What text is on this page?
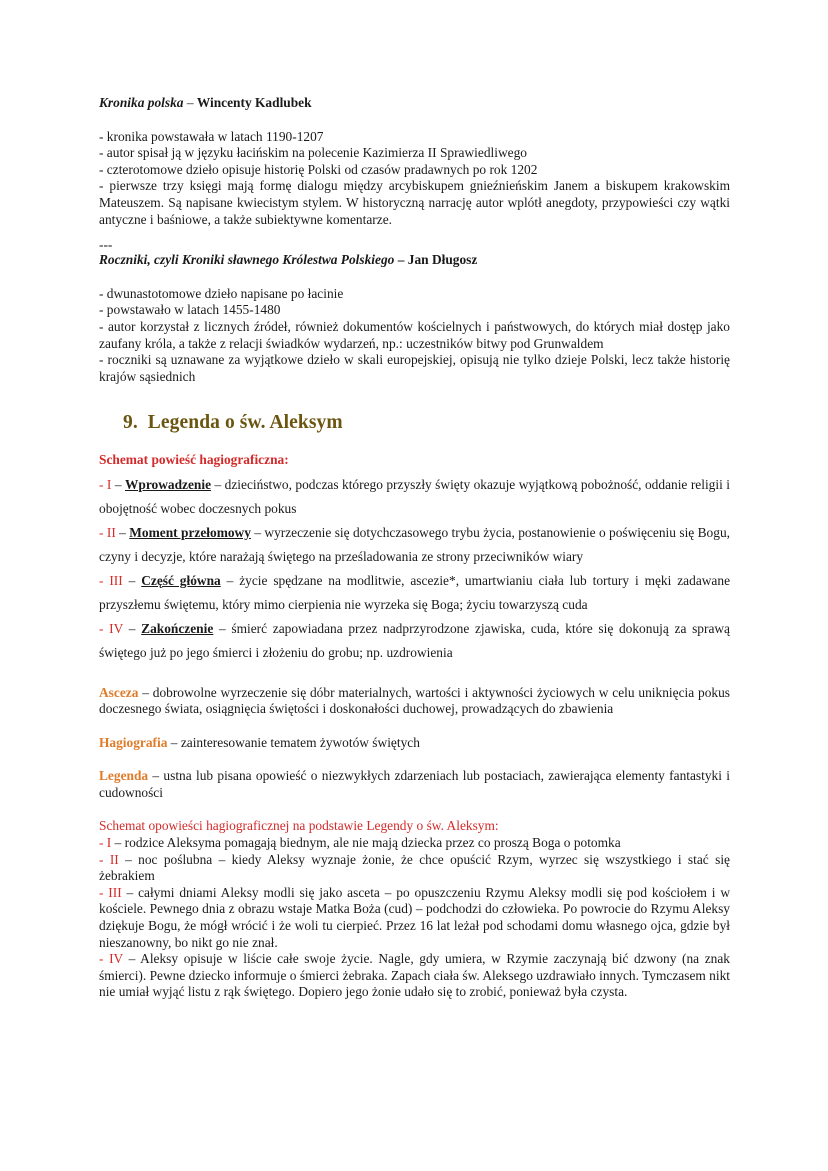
Kronika polska – Wincenty Kadlubek

- kronika powstawała w latach 1190-1207

- autor spisał ją w języku łacińskim na polecenie Kazimierza II Sprawiedliwego

- czterotomowe dzieło opisuje historię Polski od czasów pradawnych po rok 1202

- pierwsze trzy księgi mają formę dialogu między arcybiskupem gnieźnieńskim Janem a biskupem krakowskim Mateuszem. Są napisane kwiecistym stylem. W historyczną narrację autor wplótł anegdoty, przypowieści czy wątki antyczne i baśniowe, a także subiektywne komentarze.

---

Roczniki, czyli Kroniki sławnego Królestwa Polskiego – Jan Długosz

- dwunastotomowe dzieło napisane po łacinie

- powstawało w latach 1455-1480

- autor korzystał z licznych źródeł, również dokumentów kościelnych i państwowych, do których miał dostęp jako zaufany króla, a także z relacji świadków wydarzeń, np.: uczestników bitwy pod Grunwaldem

- roczniki są uznawane za wyjątkowe dzieło w skali europejskiej, opisują nie tylko dzieje Polski, lecz także historię krajów sąsiednich

9. Legenda o św. Aleksym

Schemat powieść hagiograficzna:

- I – Wprowadzenie – dzieciństwo, podczas którego przyszły święty okazuje wyjątkową pobożność, oddanie religii i obojętność wobec doczesnych pokus
- II – Moment przełomowy – wyrzeczenie się dotychczasowego trybu życia, postanowienie o poświęceniu się Bogu, czyny i decyzje, które narażają świętego na prześladowania ze strony przeciwników wiary
- III – Część główna – życie spędzane na modlitwie, ascezie*, umartwianiu ciała lub tortury i męki zadawane przyszłemu świętemu, który mimo cierpienia nie wyrzeka się Boga; życiu towarzyszą cuda
- IV – Zakończenie – śmierć zapowiadana przez nadprzyrodzone zjawiska, cuda, które się dokonują za sprawą świętego już po jego śmierci i złożeniu do grobu; np. uzdrowienia

Asceza – dobrowolne wyrzeczenie się dóbr materialnych, wartości i aktywności życiowych w celu uniknięcia pokus doczesnego świata, osiągnięcia świętości i doskonałości duchowej, prowadzących do zbawienia

Hagiografia – zainteresowanie tematem żywotów świętych

Legenda – ustna lub pisana opowieść o niezwykłych zdarzeniach lub postaciach, zawierająca elementy fantastyki i cudowności

Schemat opowieści hagiograficznej na podstawie Legendy o św. Aleksym:

- I – rodzice Aleksyma pomagają biednym, ale nie mają dziecka przez co proszą Boga o potomka

- II – noc poślubna – kiedy Aleksy wyznaje żonie, że chce opuścić Rzym, wyrzec się wszystkiego i stać się żebrakiem

- III – całymi dniami Aleksy modli się jako asceta – po opuszczeniu Rzymu Aleksy modli się pod kościołem i w kościele. Pewnego dnia z obrazu wstaje Matka Boża (cud) – podchodzi do człowieka. Po powrocie do Rzymu Aleksy dziękuje Bogu, że mógł wrócić i że woli tu cierpieć. Przez 16 lat leżał pod schodami domu własnego ojca, gdzie był nieszanowny, bo nikt go nie znał.

- IV – Aleksy opisuje w liście całe swoje życie. Nagle, gdy umiera, w Rzymie zaczynają bić dzwony (na znak śmierci). Pewne dziecko informuje o śmierci żebraka. Zapach ciała św. Aleksego uzdrawiało innych. Tymczasem nikt nie umiał wyjąć listu z rąk świętego. Dopiero jego żonie udało się to zrobić, ponieważ była czysta.
